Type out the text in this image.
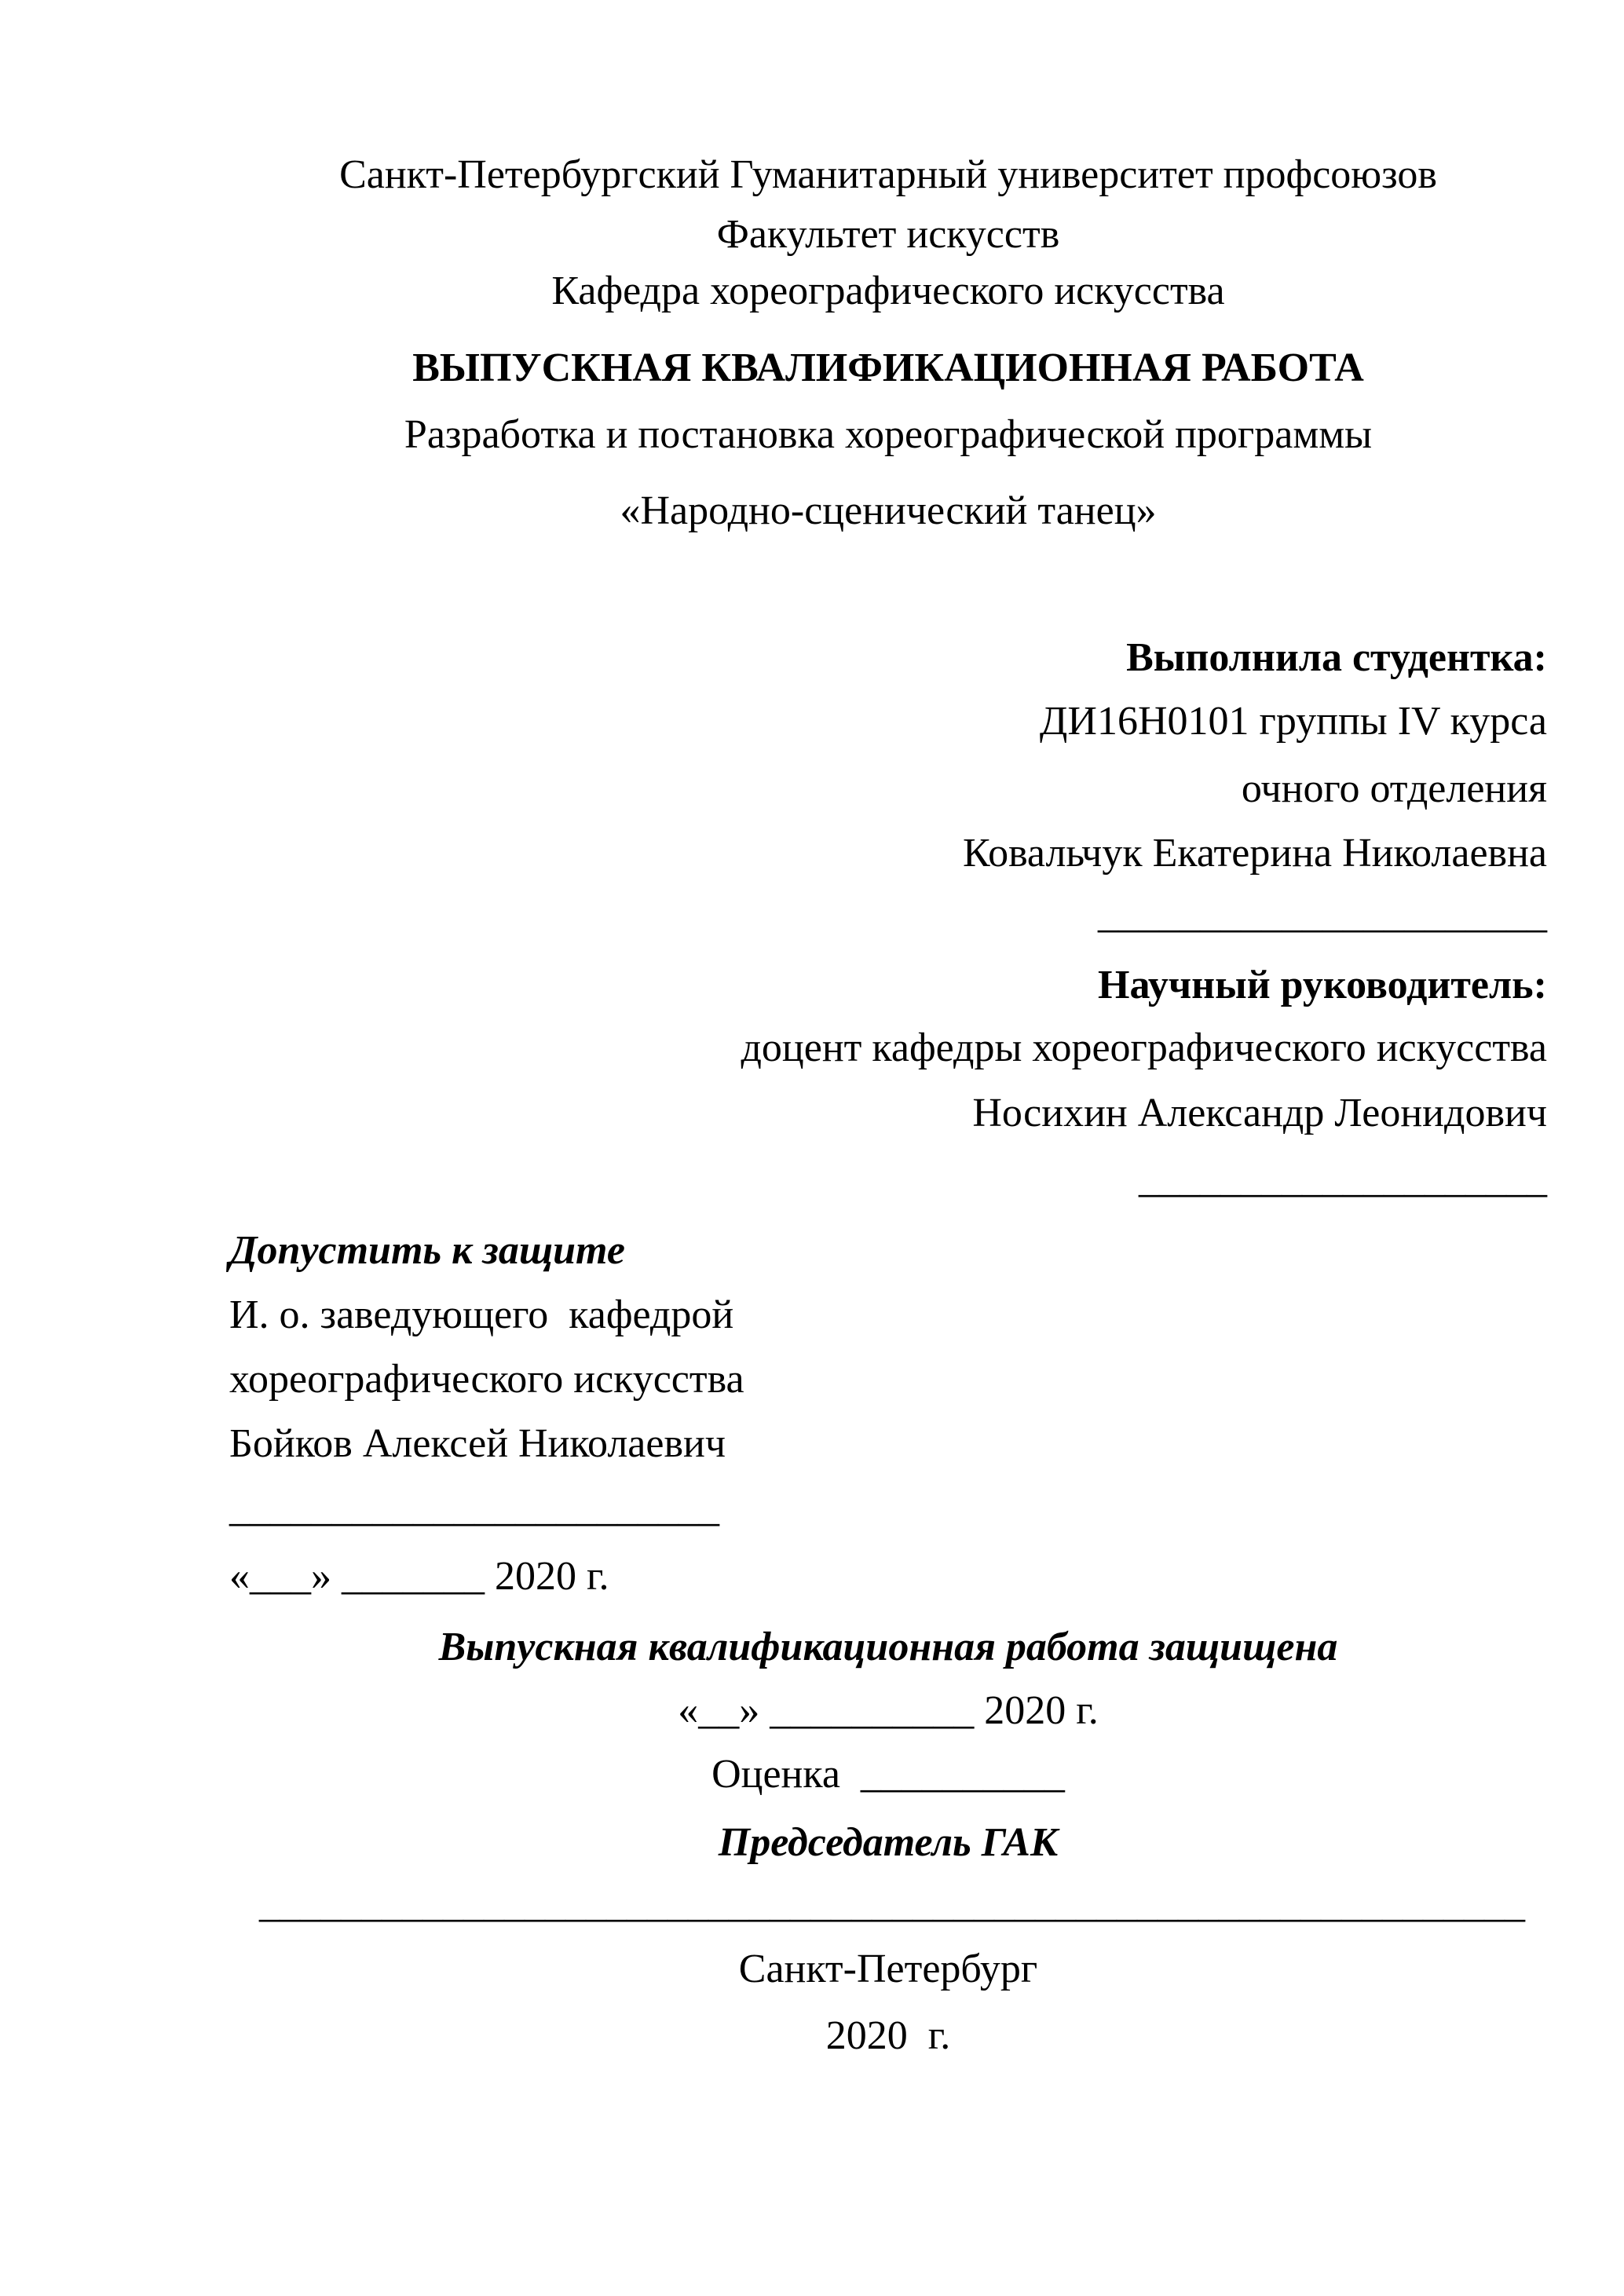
Санкт-Петербургский Гуманитарный университет профсоюзов
Факультет искусств
Кафедра хореографического искусства
ВЫПУСКНАЯ КВАЛИФИКАЦИОННАЯ РАБОТА
Разработка и постановка хореографической программы
«Народно-сценический танец»
Выполнила студентка:
ДИ16Н0101 группы IV курса
очного отделения
Ковальчук Екатерина Николаевна
______________________
Научный руководитель:
доцент кафедры хореографического искусства
Носихин Александр Леонидович
____________________
Допустить к защите
И. о. заведующего  кафедрой
хореографического искусства
Бойков Алексей Николаевич
________________________
«___» _______ 2020 г.
Выпускная квалификационная работа защищена
«__» __________ 2020 г.
Оценка  __________
Председатель ГАК
______________________________________________________________
Санкт-Петербург
2020  г.
